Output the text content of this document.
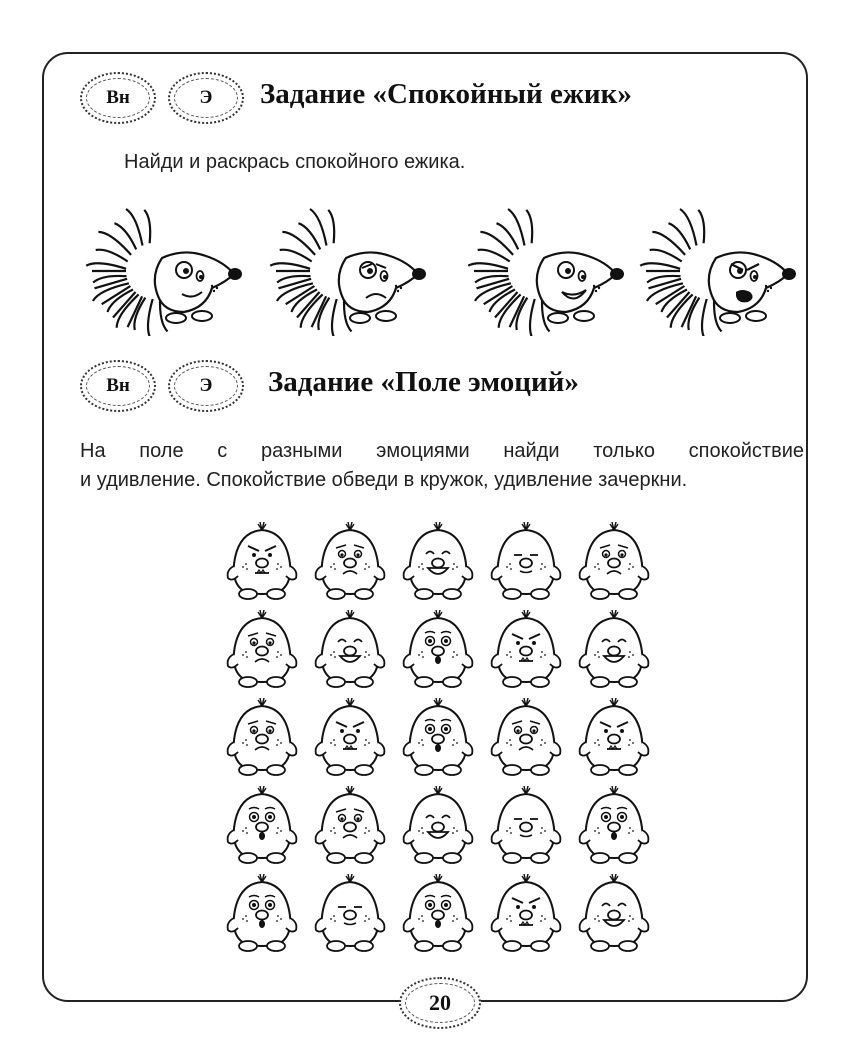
Вн	Э	Задание «Спокойный ежик»
Найди и раскрась спокойного ежика.
Вн	Э	Задание «Поле эмоций»
На поле с разными эмоциями найди только спокойствие
и удивление. Спокойствие обведи в кружок, удивление зачеркни.
20
